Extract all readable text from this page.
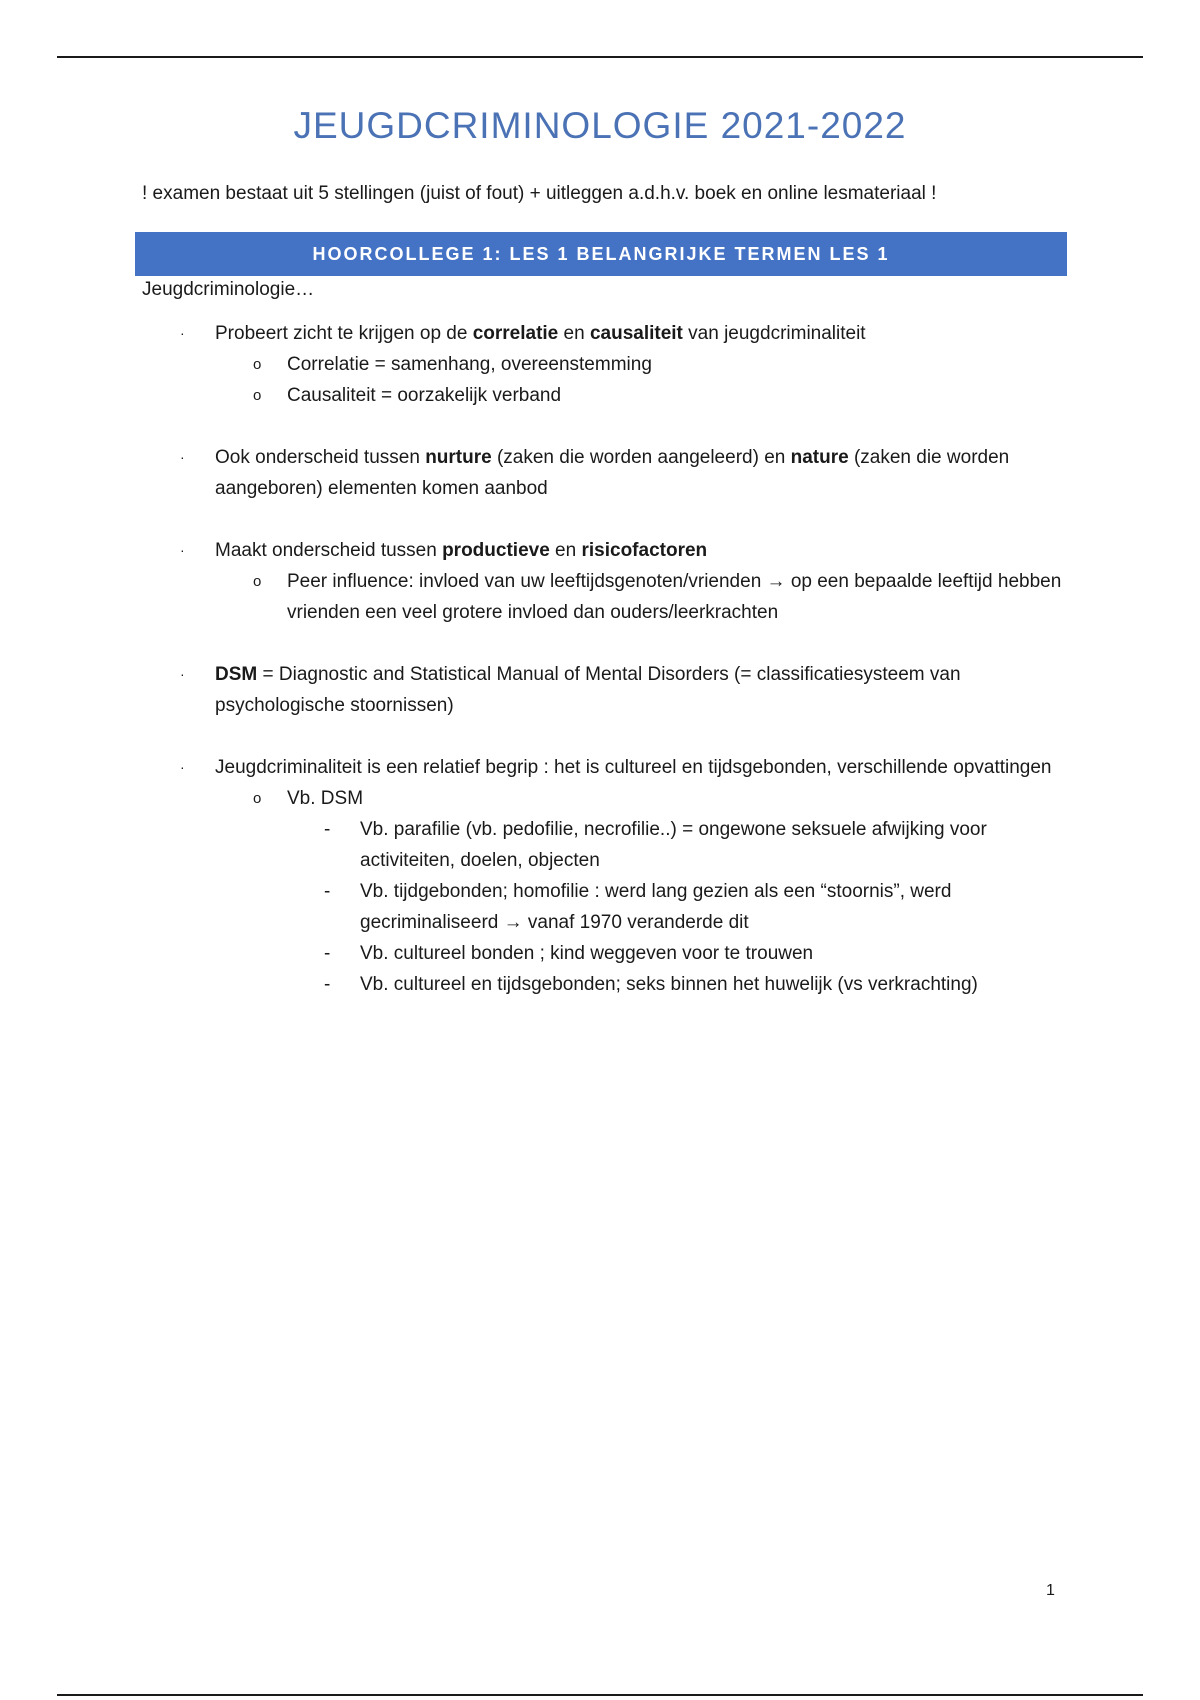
JEUGDCRIMINOLOGIE 2021-2022
! examen bestaat uit 5 stellingen (juist of fout) + uitleggen a.d.h.v. boek en online lesmateriaal !
HOORCOLLEGE 1: LES 1 BELANGRIJKE TERMEN LES 1
Jeugdcriminologie…
· Probeert zicht te krijgen op de correlatie en causaliteit van jeugdcriminaliteit
o Correlatie = samenhang, overeenstemming
o Causaliteit = oorzakelijk verband
· Ook onderscheid tussen nurture (zaken die worden aangeleerd) en nature (zaken die worden aangeboren) elementen komen aanbod
· Maakt onderscheid tussen productieve en risicofactoren
o Peer influence: invloed van uw leeftijdsgenoten/vrienden → op een bepaalde leeftijd hebben vrienden een veel grotere invloed dan ouders/leerkrachten
· DSM = Diagnostic and Statistical Manual of Mental Disorders (= classificatiesysteem van psychologische stoornissen)
· Jeugdcriminaliteit is een relatief begrip : het is cultureel en tijdsgebonden, verschillende opvattingen
o Vb. DSM
- Vb. parafilie (vb. pedofilie, necrofilie..) = ongewone seksuele afwijking voor activiteiten, doelen, objecten
- Vb. tijdgebonden; homofilie : werd lang gezien als een “stoornis”, werd gecriminaliseerd → vanaf 1970 veranderde dit
- Vb. cultureel bonden ; kind weggeven voor te trouwen
- Vb. cultureel en tijdsgebonden; seks binnen het huwelijk (vs verkrachting)
1
